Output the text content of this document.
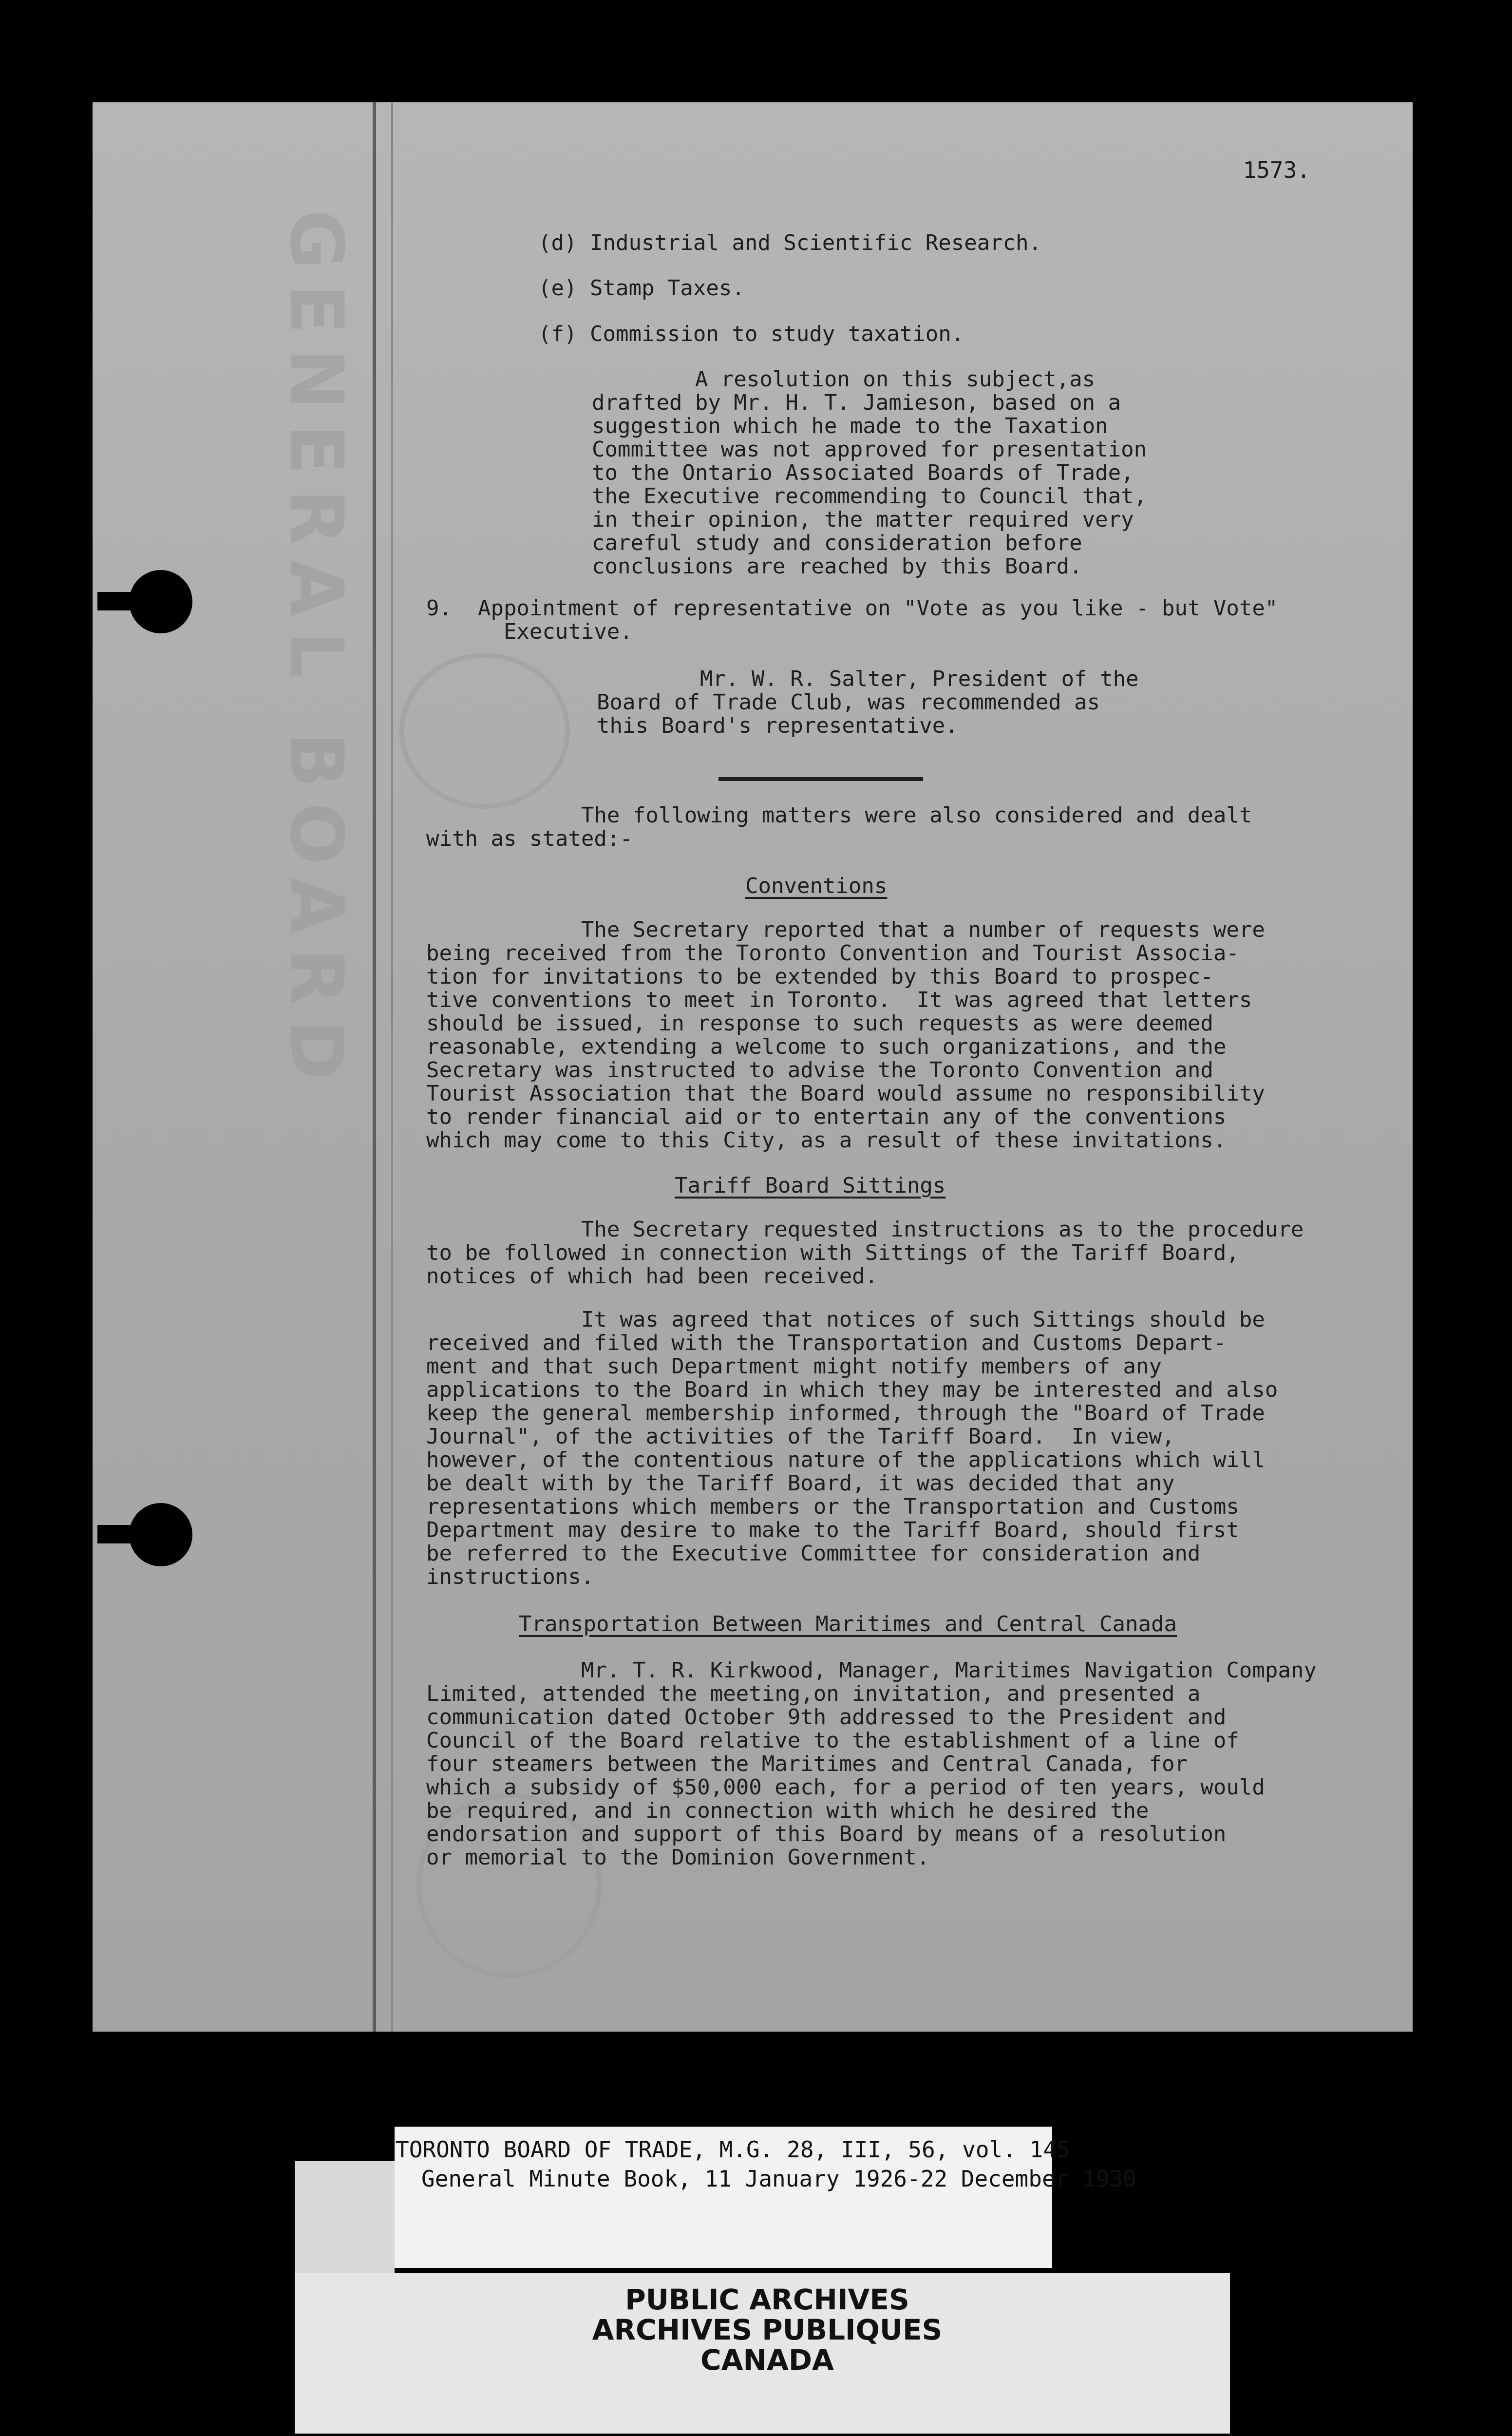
GENERAL BOARD

1573.

(d) Industrial and Scientific Research.

(e) Stamp Taxes.

(f) Commission to study taxation.

A resolution on this subject,as
drafted by Mr. H. T. Jamieson, based on a
suggestion which he made to the Taxation
Committee was not approved for presentation
to the Ontario Associated Boards of Trade,
the Executive recommending to Council that,
in their opinion, the matter required very
careful study and consideration before
conclusions are reached by this Board.

9.  Appointment of representative on "Vote as you like - but Vote"
Executive.

Mr. W. R. Salter, President of the
Board of Trade Club, was recommended as
this Board's representative.

The following matters were also considered and dealt
with as stated:-

Conventions

The Secretary reported that a number of requests were
being received from the Toronto Convention and Tourist Associa-
tion for invitations to be extended by this Board to prospec-
tive conventions to meet in Toronto.  It was agreed that letters
should be issued, in response to such requests as were deemed
reasonable, extending a welcome to such organizations, and the
Secretary was instructed to advise the Toronto Convention and
Tourist Association that the Board would assume no responsibility
to render financial aid or to entertain any of the conventions
which may come to this City, as a result of these invitations.

Tariff Board Sittings

The Secretary requested instructions as to the procedure
to be followed in connection with Sittings of the Tariff Board,
notices of which had been received.

It was agreed that notices of such Sittings should be
received and filed with the Transportation and Customs Depart-
ment and that such Department might notify members of any
applications to the Board in which they may be interested and also
keep the general membership informed, through the "Board of Trade
Journal", of the activities of the Tariff Board.  In view,
however, of the contentious nature of the applications which will
be dealt with by the Tariff Board, it was decided that any
representations which members or the Transportation and Customs
Department may desire to make to the Tariff Board, should first
be referred to the Executive Committee for consideration and
instructions.

Transportation Between Maritimes and Central Canada

Mr. T. R. Kirkwood, Manager, Maritimes Navigation Company
Limited, attended the meeting,on invitation, and presented a
communication dated October 9th addressed to the President and
Council of the Board relative to the establishment of a line of
four steamers between the Maritimes and Central Canada, for
which a subsidy of $50,000 each, for a period of ten years, would
be required, and in connection with which he desired the
endorsation and support of this Board by means of a resolution
or memorial to the Dominion Government.

TORONTO BOARD OF TRADE, M.G. 28, III, 56, vol. 145
General Minute Book, 11 January 1926-22 December 1930
PUBLIC ARCHIVES
ARCHIVES PUBLIQUES
CANADA
